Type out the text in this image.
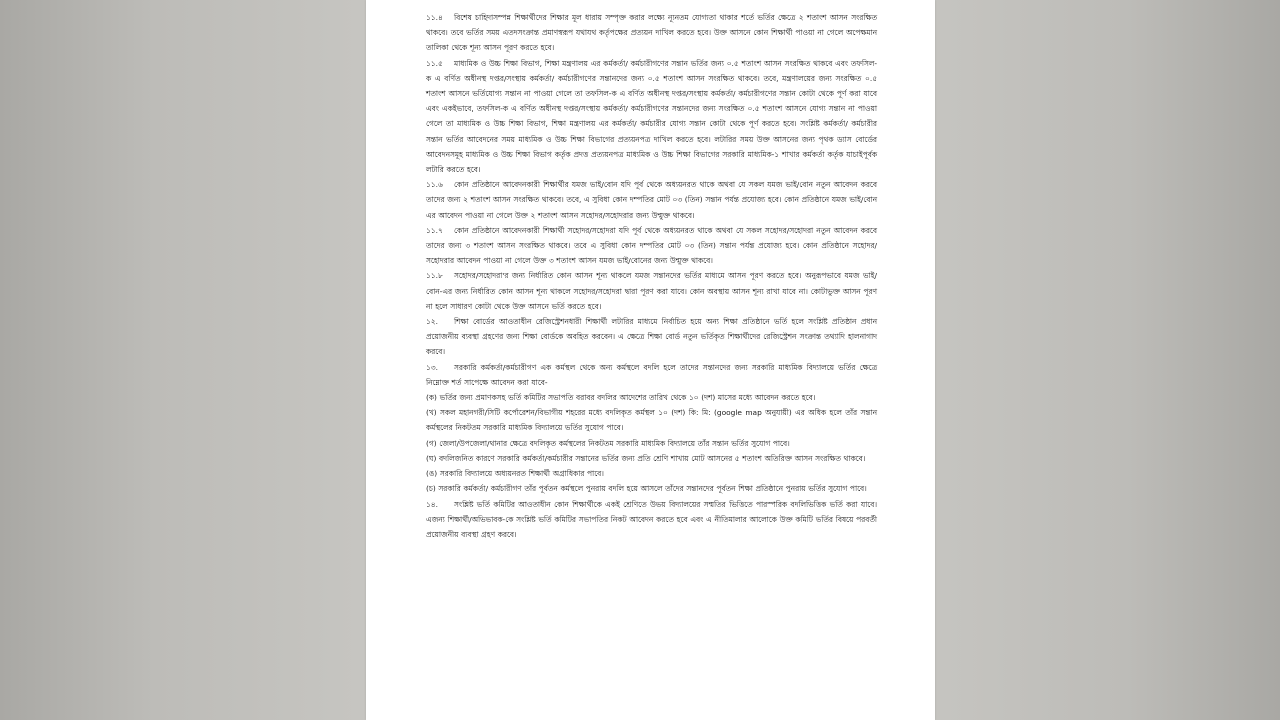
১১.৪ বিশেষ চাহিদাসম্পন্ন শিক্ষার্থীদের শিক্ষার মূল ধারায় সম্পৃক্ত করার লক্ষ্যে ন্যূনতম যোগ্যতা থাকার শর্তে ভর্তির ক্ষেত্রে ২ শতাংশ আসন সংরক্ষিত থাকবে। তবে ভর্তির সময় এতদসংক্রান্ত প্রমাণস্বরূপ যথাযথ কর্তৃপক্ষের প্রত্যয়ন দাখিল করতে হবে। উক্ত আসনে কোন শিক্ষার্থী পাওয়া না গেলে অপেক্ষমান তালিকা থেকে শূন্য আসন পূরণ করতে হবে।

১১.৫ মাধ্যমিক ও উচ্চ শিক্ষা বিভাগ, শিক্ষা মন্ত্রণালয় এর কর্মকর্তা/ কর্মচারীগণের সন্তান ভর্তির জন্য ০.৫ শতাংশ আসন সংরক্ষিত থাকবে এবং তফসিল-ক এ বর্ণিত অধীনস্থ দপ্তর/সংস্থায় কর্মকর্তা/ কর্মচারীগণের সন্তানদের জন্য ০.৫ শতাংশ আসন সংরক্ষিত থাকবে। তবে, মন্ত্রণালয়ের জন্য সংরক্ষিত ০.৫ শতাংশ আসনে ভর্তিযোগ্য সন্তান না পাওয়া গেলে তা তফসিল-ক এ বর্ণিত অধীনস্থ দপ্তর/সংস্থায় কর্মকর্তা/ কর্মচারীগণের সন্তান কোটা থেকে পূর্ণ করা যাবে এবং একইভাবে, তফসিল-ক এ বর্ণিত অধীনস্থ দপ্তর/সংস্থায় কর্মকর্তা/ কর্মচারীগণের সন্তানদের জন্য সংরক্ষিত ০.৫ শতাংশ আসনে যোগ্য সন্তান না পাওয়া গেলে তা মাধ্যমিক ও উচ্চ শিক্ষা বিভাগ, শিক্ষা মন্ত্রণালয় এর কর্মকর্তা/ কর্মচারীর যোগ্য সন্তান কোটা থেকে পূর্ণ করতে হবে। সংশ্লিষ্ট কর্মকর্তা/ কর্মচারীর সন্তান ভর্তির আবেদনের সময় মাধ্যমিক ও উচ্চ শিক্ষা বিভাগের প্রত্যয়নপত্র দাখিল করতে হবে। লটারির সময় উক্ত আসনের জন্য পৃথক ড্যাস বোর্ডের আবেদনসমূহ মাধ্যমিক ও উচ্চ শিক্ষা বিভাগ কর্তৃক প্রদত্ত প্রত্যয়নপত্র মাধ্যমিক ও উচ্চ শিক্ষা বিভাগের সরকারি মাধ্যমিক-১ শাখার কর্মকর্তা কর্তৃক যাচাইপূর্বক লটারি করতে হবে।

১১.৬ কোন প্রতিষ্ঠানে আবেদনকারী শিক্ষার্থীর যমজ ভাই/বোন যদি পূর্ব থেকে অধ্যয়নরত থাকে অথবা যে সকল যমজ ভাই/বোন নতুন আবেদন করবে তাদের জন্য ২ শতাংশ আসন সংরক্ষিত থাকবে। তবে, এ সুবিধা কোন দম্পতির মোট ০৩ (তিন) সন্তান পর্যন্ত প্রযোজ্য হবে। কোন প্রতিষ্ঠানে যমজ ভাই/বোন এর আবেদন পাওয়া না গেলে উক্ত ২ শতাংশ আসন সহোদর/সহোদরার জন্য উন্মুক্ত থাকবে।

১১.৭ কোন প্রতিষ্ঠানে আবেদনকারী শিক্ষার্থী সহোদর/সহোদরা যদি পূর্ব থেকে অধ্যয়নরত থাকে অথবা যে সকল সহোদর/সহোদরা নতুন আবেদন করবে তাদের জন্য ৩ শতাংশ আসন সংরক্ষিত থাকবে। তবে এ সুবিধা কোন দম্পতির মোট ০৩ (তিন) সন্তান পর্যন্ত প্রযোজ্য হবে। কোন প্রতিষ্ঠানে সহোদর/সহোদরার আবেদন পাওয়া না গেলে উক্ত ৩ শতাংশ আসন যমজ ভাই/বোনের জন্য উন্মুক্ত থাকবে।

১১.৮ সহোদর/সহোদরা'র জন্য নির্ধারিত কোন আসন শূন্য থাকলে যমজ সন্তানদের ভর্তির মাধ্যমে আসন পূরণ করতে হবে। অনুরূপভাবে যমজ ভাই/বোন-এর জন্য নির্ধারিত কোন আসন শূন্য থাকলে সহোদর/সহোদরা দ্বারা পূরণ করা যাবে। কোন অবস্থায় আসন শূন্য রাখা যাবে না। কোটাভুক্ত আসন পূরণ না হলে সাধারণ কোটা থেকে উক্ত আসনে ভর্তি করতে হবে।

১২. শিক্ষা বোর্ডের আওতাধীন রেজিস্ট্রেশনধারী শিক্ষার্থী লটারির মাধ্যমে নির্বাচিত হয়ে অন্য শিক্ষা প্রতিষ্ঠানে ভর্তি হলে সংশ্লিষ্ট প্রতিষ্ঠান প্রধান প্রয়োজনীয় ব্যবস্থা গ্রহণের জন্য শিক্ষা বোর্ডকে অবহিত করবেন। এ ক্ষেত্রে শিক্ষা বোর্ড নতুন ভর্তিকৃত শিক্ষার্থীদের রেজিস্ট্রেশন সংক্রান্ত তথ্যাদি হালনাগাদ করবে।

১৩. সরকারি কর্মকর্তা/কর্মচারীগণ এক কর্মস্থল থেকে অন্য কর্মস্থলে বদলি হলে তাদের সন্তানদের জন্য সরকারি মাধ্যমিক বিদ্যালয়ে ভর্তির ক্ষেত্রে নিম্নোক্ত শর্ত সাপেক্ষে আবেদন করা যাবে-

(ক) ভর্তির জন্য প্রমাণকসহ ভর্তি কমিটির সভাপতি বরাবর বদলির আদেশের তারিখ থেকে ১০ (দশ) মাসের মধ্যে আবেদন করতে হবে।

(খ) সকল মহানগরী/সিটি কর্পোরেশন/বিভাগীয় শহরের মধ্যে বদলিকৃত কর্মস্থল ১০ (দশ) কি: মি: (google map অনুযায়ী) এর অধিক হলে তাঁর সন্তান কর্মস্থলের নিকটতম সরকারি মাধ্যমিক বিদ্যালয়ে ভর্তির সুযোগ পাবে।

(গ) জেলা/উপজেলা/থানার ক্ষেত্রে বদলিকৃত কর্মস্থলের নিকটতম সরকারি মাধ্যমিক বিদ্যালয়ে তাঁর সন্তান ভর্তির সুযোগ পাবে।

(ঘ) বদলিজনিত কারণে সরকারি কর্মকর্তা/কর্মচারীর সন্তানের ভর্তির জন্য প্রতি শ্রেণি শাখায় মোট আসনের ৫ শতাংশ অতিরিক্ত আসন সংরক্ষিত থাকবে।

(ঙ) সরকারি বিদ্যালয়ে অধ্যয়নরত শিক্ষার্থী অগ্রাধিকার পাবে।

(চ) সরকারি কর্মকর্তা/ কর্মচারীগণ তাঁর পূর্বতন কর্মস্থলে পুনরায় বদলি হয়ে আসলে তাঁদের সন্তানদের পূর্বতন শিক্ষা প্রতিষ্ঠানে পুনরায় ভর্তির সুযোগ পাবে।

১৪. সংশ্লিষ্ট ভর্তি কমিটির আওতাধীন কোন শিক্ষার্থীকে একই শ্রেণিতে উভয় বিদ্যালয়ের সম্মতির ভিত্তিতে পারস্পরিক বদলিভিত্তিক ভর্তি করা যাবে। এজন্য শিক্ষার্থী/অভিভাবক-কে সংশ্লিষ্ট ভর্তি কমিটির সভাপতির নিকট আবেদন করতে হবে এবং এ নীতিমালার আলোকে উক্ত কমিটি ভর্তির বিষয়ে পরবর্তী প্রয়োজনীয় ব্যবস্থা গ্রহণ করবে।
